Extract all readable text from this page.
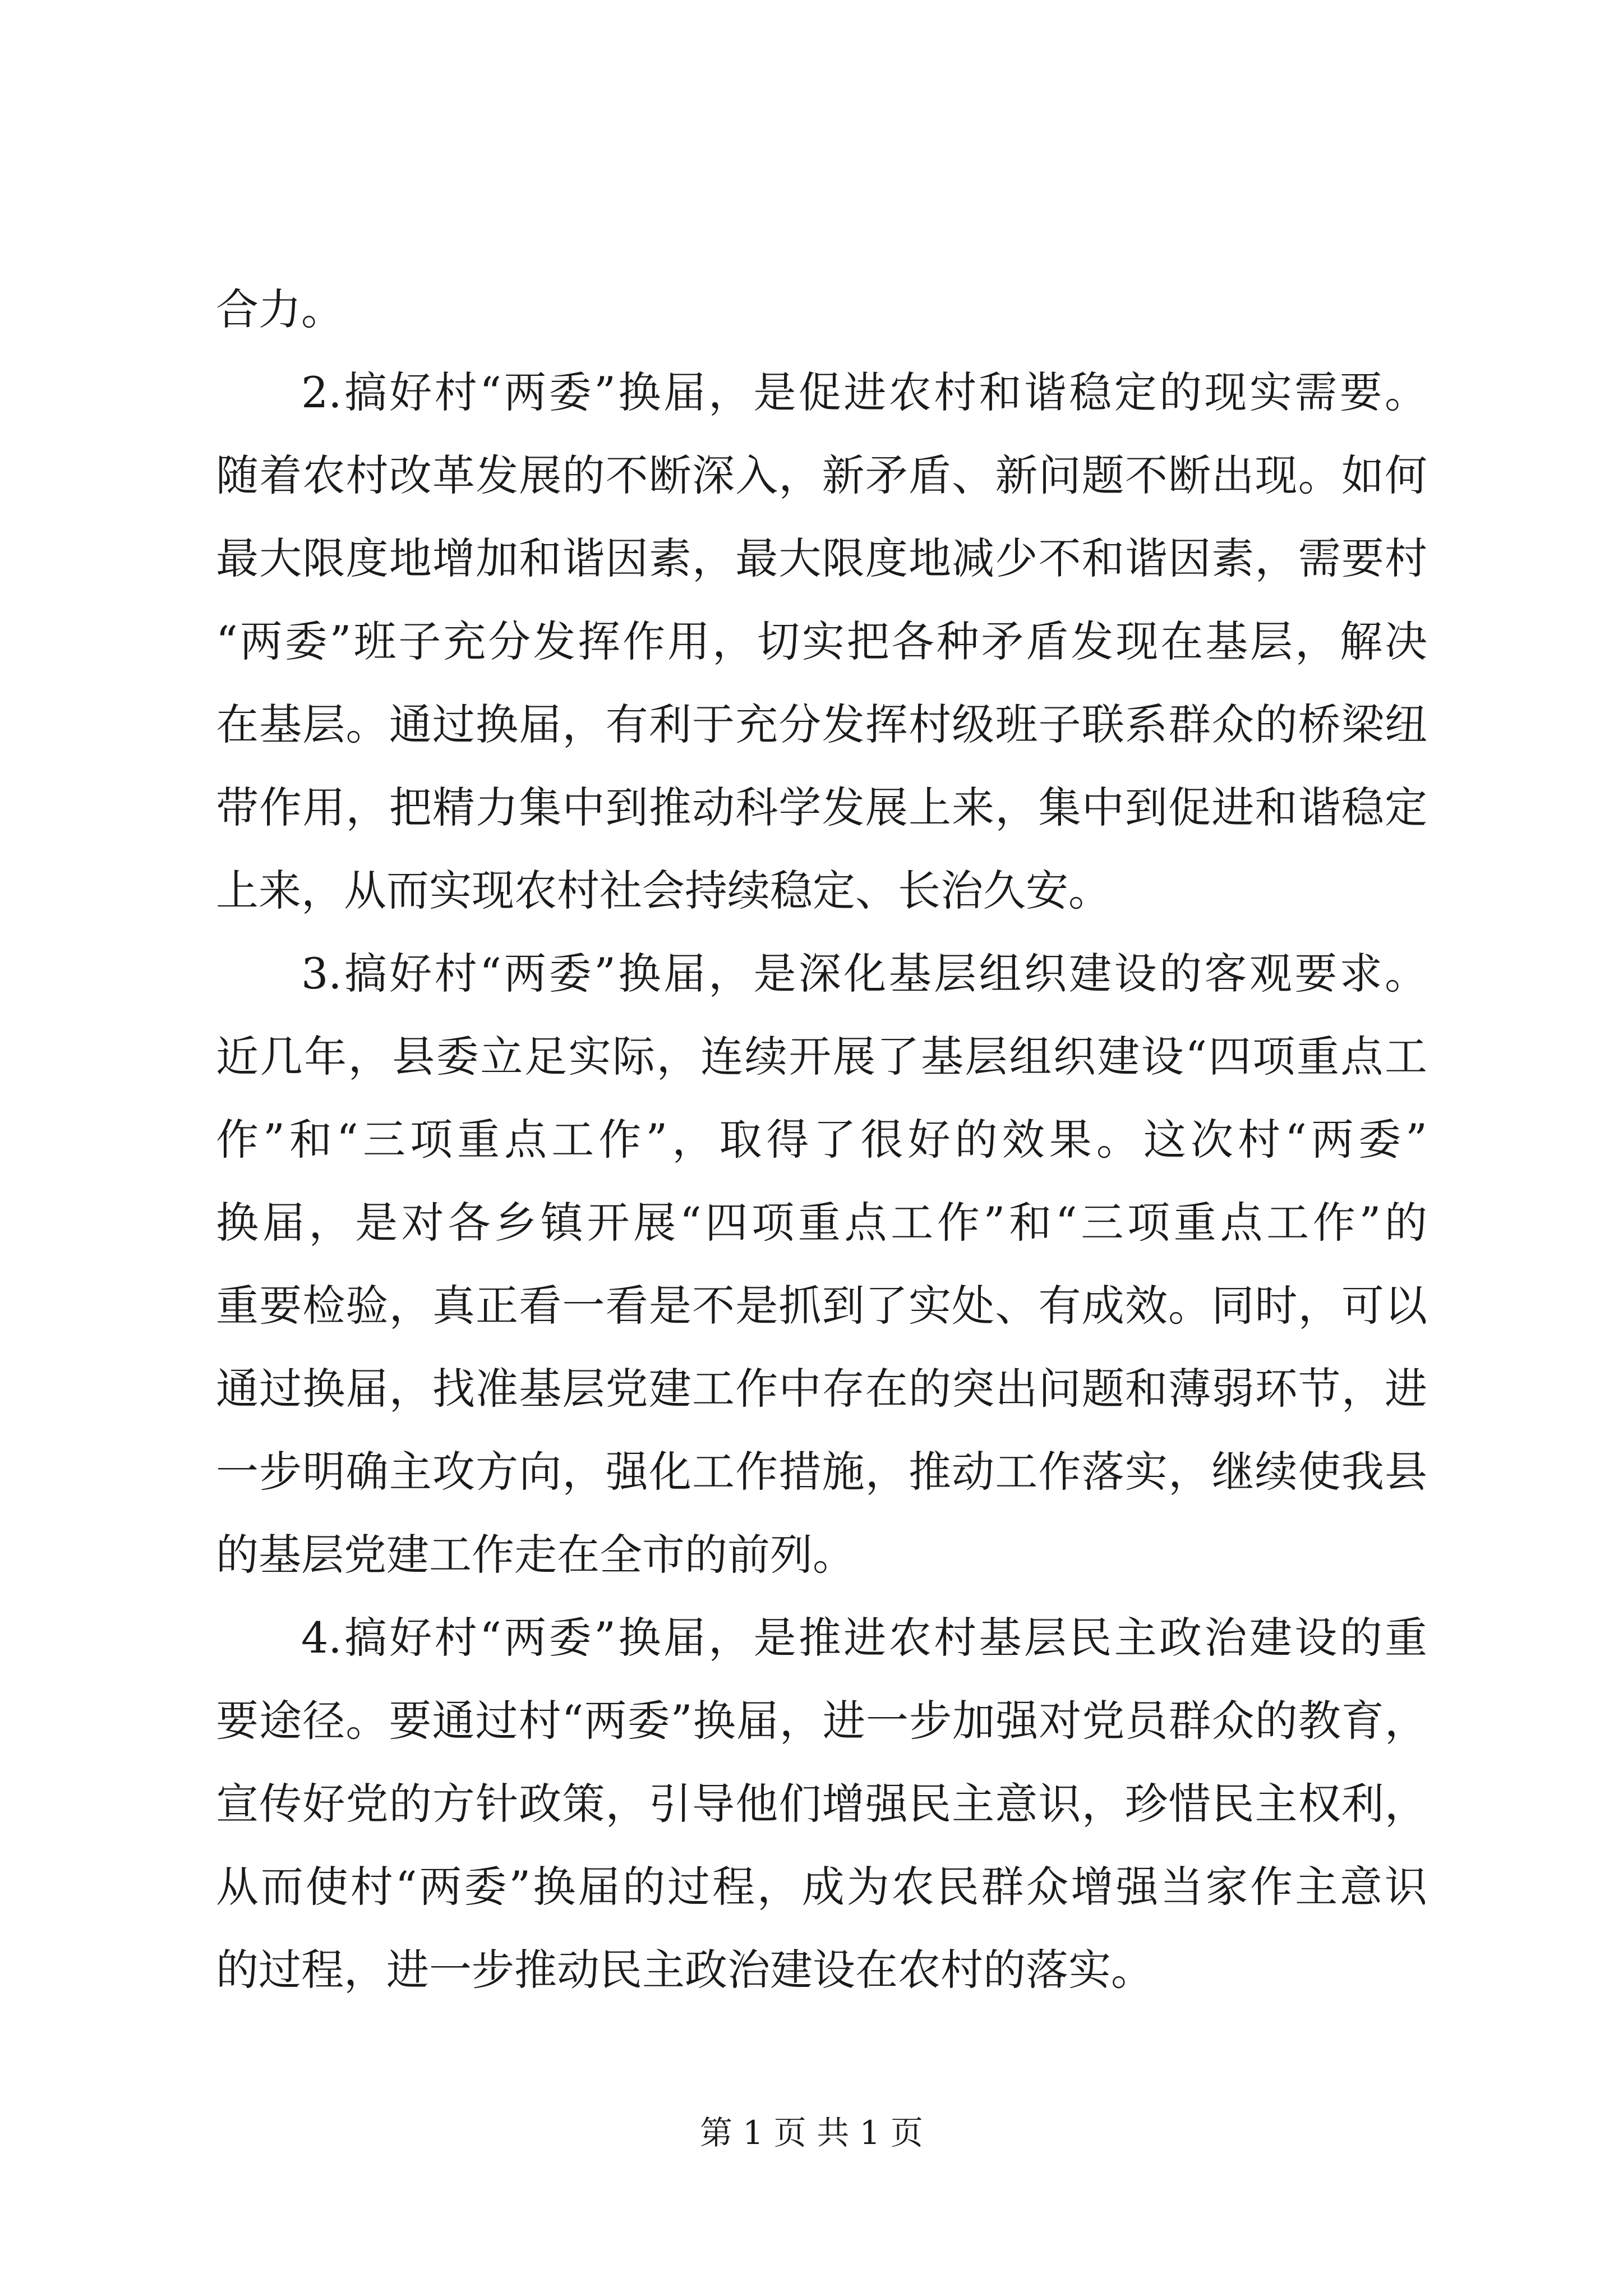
合力。
2.搞好村“两委”换届，是促进农村和谐稳定的现实需要。
随着农村改革发展的不断深入，新矛盾、新问题不断出现。如何
最大限度地增加和谐因素，最大限度地减少不和谐因素，需要村
“两委”班子充分发挥作用，切实把各种矛盾发现在基层，解决
在基层。通过换届，有利于充分发挥村级班子联系群众的桥梁纽
带作用，把精力集中到推动科学发展上来，集中到促进和谐稳定
上来，从而实现农村社会持续稳定、长治久安。
3.搞好村“两委”换届，是深化基层组织建设的客观要求。
近几年，县委立足实际，连续开展了基层组织建设“四项重点工
作”和“三项重点工作”，取得了很好的效果。这次村“两委”
换届，是对各乡镇开展“四项重点工作”和“三项重点工作”的
重要检验，真正看一看是不是抓到了实处、有成效。同时，可以
通过换届，找准基层党建工作中存在的突出问题和薄弱环节，进
一步明确主攻方向，强化工作措施，推动工作落实，继续使我县
的基层党建工作走在全市的前列。
4.搞好村“两委”换届，是推进农村基层民主政治建设的重
要途径。要通过村“两委”换届，进一步加强对党员群众的教育，
宣传好党的方针政策，引导他们增强民主意识，珍惜民主权利，
从而使村“两委”换届的过程，成为农民群众增强当家作主意识
的过程，进一步推动民主政治建设在农村的落实。
第 1 页 共 1 页
